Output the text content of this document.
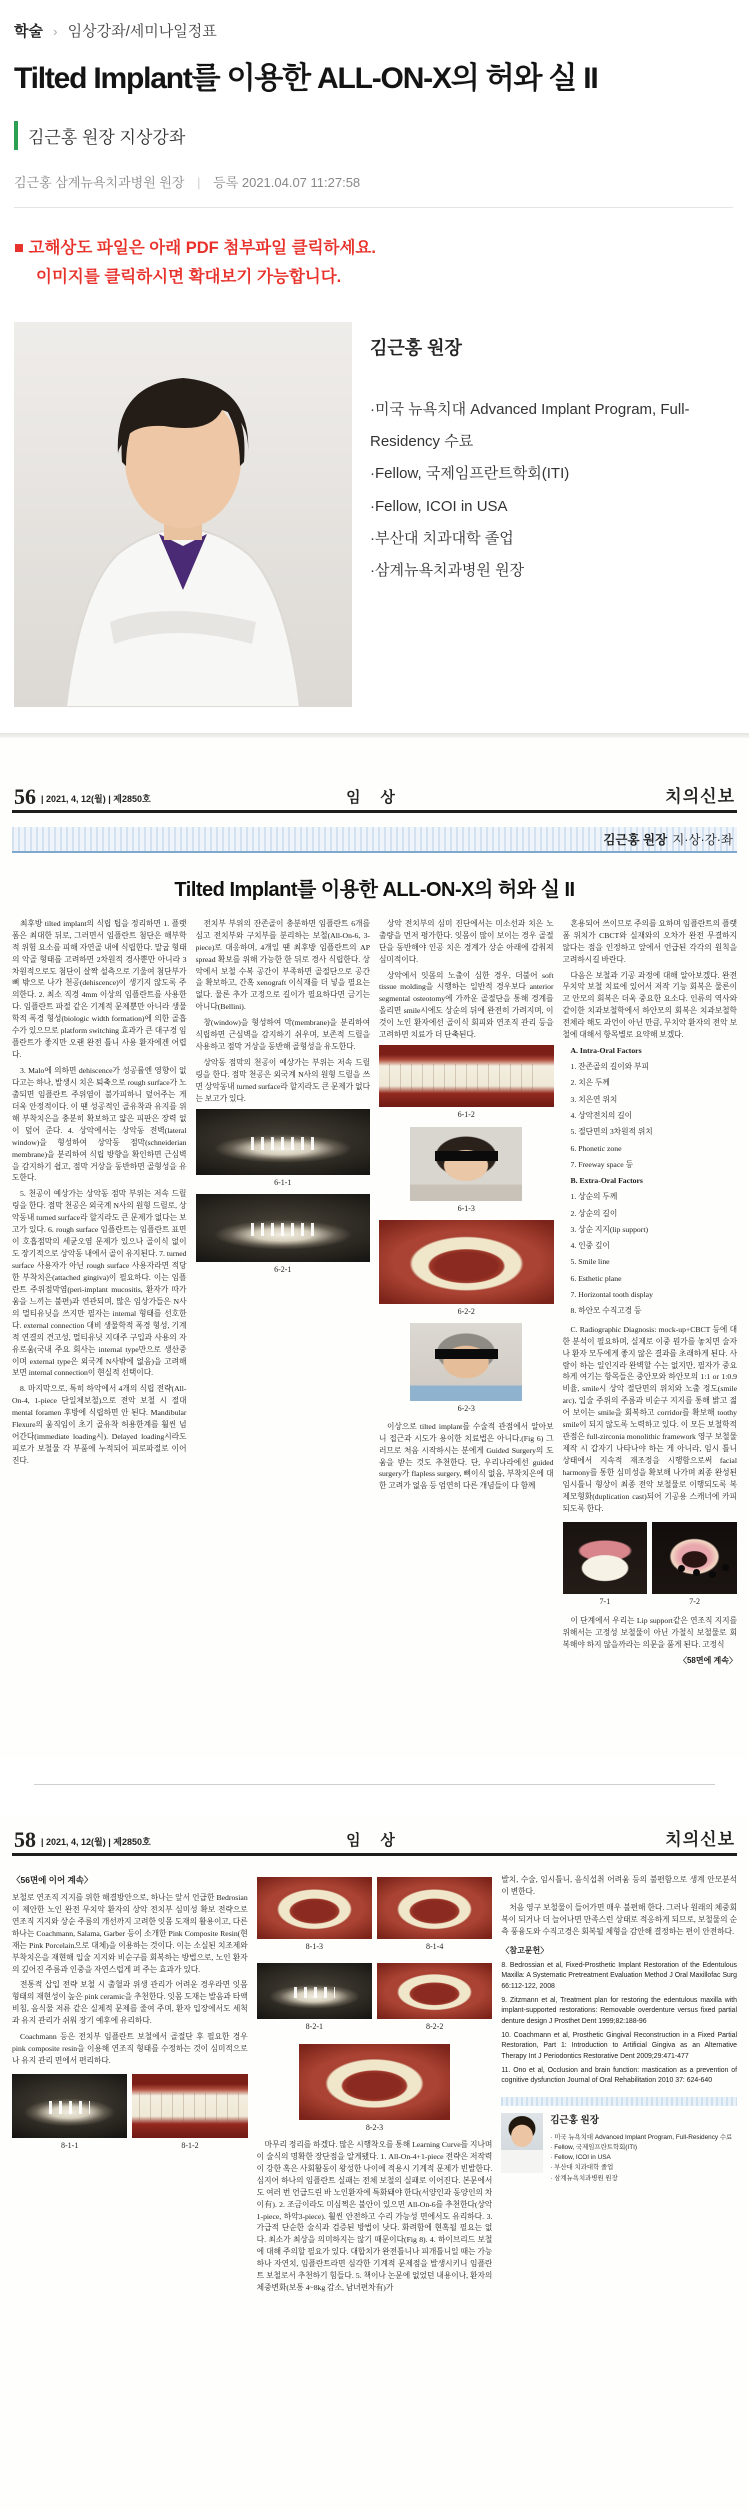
학술 › 임상강좌/세미나일정표
Tilted Implant를 이용한 ALL-ON-X의 허와 실 II
김근홍 원장 지상강좌
김근홍 삼계뉴욕치과병원 원장 | 등록 2021.04.07 11:27:58
■ 고해상도 파일은 아래 PDF 첨부파일 클릭하세요.
이미지를 클릭하시면 확대보기 가능합니다.
김근홍 원장
·미국 뉴욕치대 Advanced Implant Program, Full-Residency 수료
·Fellow, 국제임프란트학회(ITI)
·Fellow, ICOI in USA
·부산대 치과대학 졸업
·삼계뉴욕치과병원 원장
56 | 2021, 4, 12(월) | 제2850호	임 상	치의신보
김근홍 원장 지·상·강·좌
Tilted Implant를 이용한 ALL-ON-X의 허와 실 II

최후방 tilted implant의 식립 팁을 정리하면 1. 플랫폼은 최대한 뒤로, 그러면서 임플란트 첨단은 해부학적 위험 요소를 피해 자연골 내에 식립한다. 말굽 형태의 악골 형태를 고려하면 2차원적 경사뿐만 아니라 3차원적으로도 첨단이 살짝 설측으로 기울여 첨단부가 뼈 밖으로 나가 천공(dehiscence)이 생기지 않도록 주의한다. 2. 최소 직경 4mm 이상의 임플란트를 사용한다. 임플란트 파절 같은 기계적 문제뿐만 아니라 생물학적 폭경 형성(biologic width formation)에 의한 골흡수가 있으므로 platform switching 효과가 큰 대구경 임플란트가 좋지만 오랜 완전 틀니 사용 환자에겐 어렵다.

3. Malo에 의하면 dehiscence가 성공률엔 영향이 없다고는 하나, 발생시 치은 퇴축으로 rough surface가 노출되면 임플란트 주위염이 불가피하니 덮어주는 게 더욱 안정적이다. 이 땐 성공적인 골유착과 유지를 위해 부착치은을 충분히 확보하고 얇은 피판은 장력 없이 덮어 준다. 4. 상악에서는 상악동 전벽(lateral window)을 형성하여 상악동 점막(schneiderian membrane)을 분리하여 식립 방향을 확인하면 근심벽을 감지하기 쉽고, 점막 거상을 동반하면 골형성을 유도한다.

5. 천공이 예상가는 상악동 점막 부위는 저속 드릴링을 한다. 점막 천공은 외국계 N사의 원형 드릴로, 상악동내 turned surface라 할지라도 큰 문제가 없다는 보고가 있다. 6. rough surface 임플란트는 임플란트 표면이 호흡점막의 세균오염 문제가 있으나 골이식 없이도 장기적으로 상악동 내에서 골이 유지된다. 7. turned surface 사용자가 아닌 rough surface 사용자라면 적당한 부착치은(attached gingiva)이 필요하다. 이는 임플란트 주위점막염(peri-implant mucositis, 환자가 따가움을 느끼는 불편)과 연관되며, 많은 임상가들은 N사의 멀티유닛을 쓰지만 필자는 internal 형태를 선호한다. external connection 대비 생물학적 폭경 형성, 기계적 연결의 견고성, 멀티유닛 지대주 구입과 사용의 자유로움(국내 주요 회사는 internal type만으로 생산중이며 external type은 외국계 N사밖에 없음)을 고려해 보면 internal connection이 현실적 선택이다.

8. 마지막으로, 특히 하악에서 4개의 식립 전략(All-On-4, 1-piece 단일체보철)으로 전악 보철 시 절대 mental foramen 후방에 식립하면 안 된다. Mandibular Flexure의 움직임이 초기 골유착 허용한계를 훨씬 넘어간다(immediate loading시). Delayed loading시라도 피로가 보철물 각 부품에 누적되어 피로파절로 이어진다.

전치부 부위의 잔존골이 충분하면 임플란트 6개를 심고 전치부와 구치부를 분리하는 보철(All-On-6, 3-piece)로 대응하며, 4개일 땐 최후방 임플란트의 AP spread 확보를 위해 가능한 한 뒤로 경사 식립한다. 상악에서 보철 수복 공간이 부족하면 골절단으로 공간을 확보하고, 간혹 xenograft 이식재를 더 넣을 필요는 없다. 물론 추가 고정으로 길이가 필요하다면 금기는 아니다(Bellini).

창(window)을 형성하여 막(membrane)을 분리하여 식립하면 근심벽을 감지하기 쉬우며, 보존적 드릴을 사용하고 점막 거상을 동반해 골형성을 유도한다.

상악동 점막의 천공이 예상가는 부위는 저속 드릴링을 한다. 점막 천공은 외국계 N사의 원형 드릴을 쓰면 상악동내 turned surface라 할지라도 큰 문제가 없다는 보고가 있다.

6-1-1
6-2-1

상악 전치부의 심미 진단에서는 미소선과 치은 노출량을 먼저 평가한다. 잇몸이 많이 보이는 경우 골절단을 동반해야 인공 치은 경계가 상순 아래에 감춰져 심미적이다.

상악에서 잇몸의 노출이 심한 경우, 더불어 soft tissue molding을 시행하는 일반적 경우보다 anterior segmental osteotomy에 가까운 골절단을 통해 경계를 올리면 smile시에도 상순의 뒤에 완전히 가려지며, 이것이 노인 환자에선 골이식 회피와 연조직 관리 등을 고려하면 치료가 더 단축된다.

6-1-2
6-1-3
6-2-2
6-2-3

이상으로 tilted implant를 수술적 관점에서 알아보니 접근과 시도가 용이한 치료법은 아니다.(Fig 6) 그러므로 처음 시작하시는 분에게 Guided Surgery의 도움을 받는 것도 추천한다. 단, 우리나라에선 guided surgery가 flapless surgery, 뼈이식 없음, 부착치은에 대한 고려가 없음 등 엄연히 다른 개념들이 다 함께

혼용되어 쓰이므로 주의를 요하며 임플란트의 플랫폼 위치가 CBCT와 실재와의 오차가 완전 무결하지 않다는 점을 인정하고 앞에서 언급된 각각의 원칙을 고려하시길 바란다.

다음은 보철과 기공 과정에 대해 알아보겠다. 완전 무치악 보철 치료에 있어서 저작 기능 회복은 물론이고 안모의 회복은 더욱 중요한 요소다. 인류의 역사와 같이한 치과보철학에서 하안모의 회복은 치과보철학 전체라 해도 과언이 아닌 만큼, 무치악 환자의 전악 보철에 대해서 항목별로 요약해 보겠다.

A. Intra-Oral Factors

1. 잔존골의 길이와 부피

2. 치은 두께

3. 치은연 위치

4. 상악전치의 길이

5. 절단면의 3차원적 위치

6. Phonetic zone

7. Freeway space 등

B. Extra-Oral Factors

1. 상순의 두께

2. 상순의 길이

3. 상순 지지(lip support)

4. 인중 깊이

5. Smile line

6. Esthetic plane

7. Horizontal tooth display

8. 하안모 수직고경 등

C. Radiographic Diagnosis: mock-up+CBCT 등에 대한 분석이 필요하며, 실제로 이중 뭔가를 놓치면 술자나 환자 모두에게 좋지 않은 결과를 초래하게 된다. 사람이 하는 일인지라 완벽할 수는 없지만, 필자가 중요하게 여기는 항목들은 중안모와 하안모의 1:1 or 1:0.9 비율, smile시 상악 절단면의 위치와 노출 정도(smile arc), 입술 주위의 주름과 비순구 지지를 통해 밝고 젊어 보이는 smile을 회복하고 corridor를 확보해 toothy smile이 되지 않도록 노력하고 있다. 이 모든 보철학적 관점은 full-zirconia monolithic framework 영구 보철물 제작 시 갑자기 나타나야 하는 게 아니라, 임시 틀니 상태에서 지속적 재조정을 시행함으로써 facial harmony를 통한 심미성을 확보해 나가며 최종 완성된 임시틀니 형상이 최종 전악 보철물로 이행되도록 복제모형화(duplication cast)되어 기공용 스캐너에 카피되도록 한다.

7-1	7-2

이 단계에서 우리는 Lip support같은 연조직 지지를 위해서는 고정성 보철물이 아닌 가철식 보철물로 회복해야 하지 않을까라는 의문을 품게 된다. 고정식

〈58면에 계속〉
58 | 2021, 4, 12(월) | 제2850호	임 상	치의신보
〈56면에 이어 계속〉

보철로 연조직 지지를 위한 해결방안으로, 하나는 앞서 언급한 Bedrosian이 제안한 노인 완전 무치악 환자의 상악 전치부 심미성 확보 전략으로 연조직 지지와 상순 주름의 개선까지 고려한 잇몸 도재의 활용이고, 다른 하나는 Coachmann, Salama, Garber 등이 소개한 Pink Composite Resin(현재는 Pink Porcelain으로 대체)을 이용하는 것이다. 이는 소실된 치조제와 부착치은을 재현해 입술 지지와 비순구를 회복하는 방법으로, 노인 환자의 깊어진 주름과 인중을 자연스럽게 펴 주는 효과가 있다.

전통적 삽입 전략 보철 시 출혈과 위생 관리가 어려운 경우라면 잇몸 형태의 재현성이 높은 pink ceramic을 추천한다. 잇몸 도재는 발음과 타액 비침, 음식물 저류 같은 실제적 문제를 줄여 주며, 환자 입장에서도 세척과 유지 관리가 쉬워 장기 예후에 유리하다.

Coachmann 등은 전치부 임플란트 보철에서 골절단 후 필요한 경우 pink composite resin을 이용해 연조직 형태를 수정하는 것이 심미적으로나 유지 관리 면에서 편리하다.

8-1-1	8-1-2
8-1-3	8-1-4
8-2-1	8-2-2
8-2-3

마무리 정리를 하겠다. 많은 시행착오를 통해 Learning Curve를 지나며 이 술식의 명확한 장단점을 알게됐다. 1. All-On-4+1-piece 전략은 저작력이 강한 혹은 사회활동이 왕성한 나이에 적용시 기계적 문제가 빈발한다. 심지어 하나의 임플란트 실패는 전체 보철의 실패로 이어진다. 본문에서도 여러 번 언급드린 바 노인환자에 특화돼야 한다(서양인과 동양인의 차이有). 2. 조금이라도 미심쩍은 불안이 있으면 All-On-6를 추천한다(상악1-piece, 하악3-piece). 훨씬 안전하고 수리 가능성 면에서도 유리하다. 3. 가급적 단순한 술식과 검증된 방법이 낫다. 화려함에 현혹될 필요는 없다. 최소가 최상을 의미하지는 않기 때문이다(Fig 8). 4. 하이브리드 보철에 대해 주의할 필요가 있다. 대합치가 완전틀니나 피개틀니일 때는 가능하나 자연치, 임플란트라면 심각한 기계적 문제점을 발생시키니 임플란트 보철로서 추천하기 힘들다. 5. 책이나 논문에 없었던 내용이나, 환자의 체중변화(보통 4~8kg 감소, 남녀편차有)가

발치, 수술, 임시틀니, 음식섭취 어려움 등의 불편함으로 생계 안모분석이 변한다.

처음 영구 보철물이 들어가면 매우 불편해 한다. 그러나 원래의 체중회복이 되거나 더 늘어나면 만족스런 상태로 적응하게 되므로, 보철물의 순측 풍융도와 수직고경은 회복될 체형을 감안해 결정하는 편이 안전하다.

〈참고문헌〉
8. Bedrossian et al, Fixed-Prosthetic Implant Restoration of the Edentulous Maxilla: A Systematic Pretreatment Evaluation Method J Oral Maxillofac Surg 66:112-122, 2008
9. Zitzmann et al, Treatment plan for restoring the edentulous maxilla with implant-supported restorations: Removable overdenture versus fixed partial denture design J Prosthet Dent 1999;82:188-96
10. Coachmann et al, Prosthetic Gingival Reconstruction in a Fixed Partial Restoration, Part 1: Introduction to Artificial Gingiva as an Alternative Therapy Int J Periodontics Restorative Dent 2009;29:471-477
11. Ono et al, Occlusion and brain function: mastication as a prevention of cognitive dysfunction Journal of Oral Rehabilitation 2010 37: 624-640
김근홍 원장
· 미국 뉴욕치대 Advanced Implant Program, Full-Residency 수료
· Fellow, 국제임프란트학회(ITI)
· Fellow, ICOI in USA
· 부산대 치과대학 졸업
· 삼계뉴욕치과병원 원장
